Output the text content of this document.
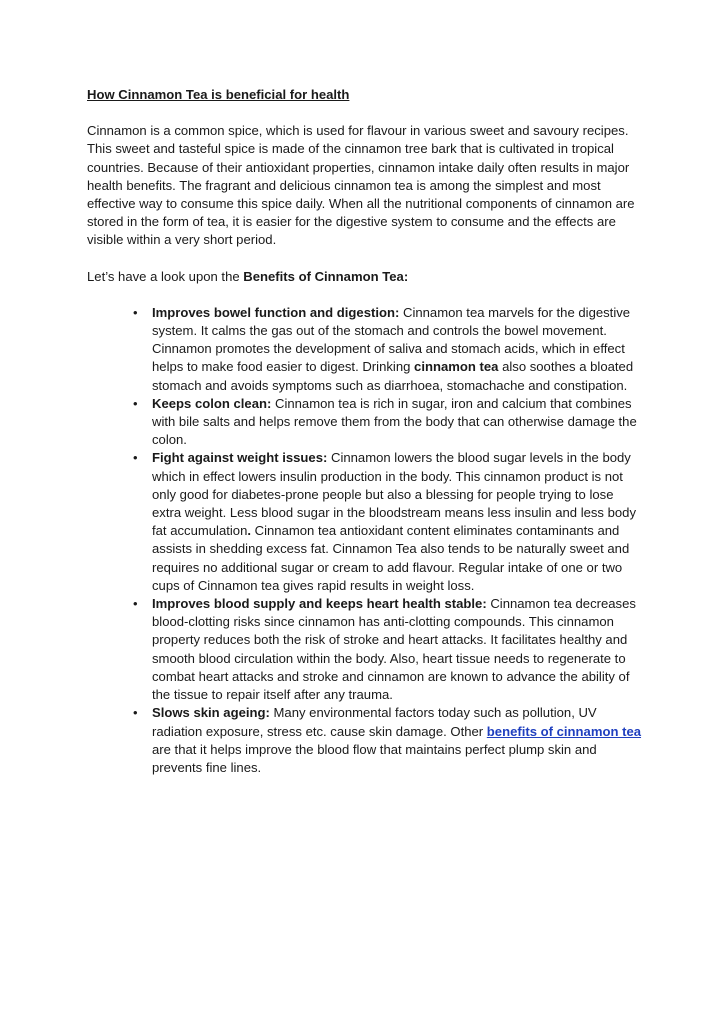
How Cinnamon Tea is beneficial for health
Cinnamon is a common spice, which is used for flavour in various sweet and savoury recipes. This sweet and tasteful spice is made of the cinnamon tree bark that is cultivated in tropical countries. Because of their antioxidant properties, cinnamon intake daily often results in major health benefits. The fragrant and delicious cinnamon tea is among the simplest and most effective way to consume this spice daily. When all the nutritional components of cinnamon are stored in the form of tea, it is easier for the digestive system to consume and the effects are visible within a very short period.
Let’s have a look upon the Benefits of Cinnamon Tea:
• Improves bowel function and digestion: Cinnamon tea marvels for the digestive system. It calms the gas out of the stomach and controls the bowel movement. Cinnamon promotes the development of saliva and stomach acids, which in effect helps to make food easier to digest. Drinking cinnamon tea also soothes a bloated stomach and avoids symptoms such as diarrhoea, stomachache and constipation.
• Keeps colon clean: Cinnamon tea is rich in sugar, iron and calcium that combines with bile salts and helps remove them from the body that can otherwise damage the colon.
• Fight against weight issues: Cinnamon lowers the blood sugar levels in the body which in effect lowers insulin production in the body. This cinnamon product is not only good for diabetes-prone people but also a blessing for people trying to lose extra weight. Less blood sugar in the bloodstream means less insulin and less body fat accumulation. Cinnamon tea antioxidant content eliminates contaminants and assists in shedding excess fat. Cinnamon Tea also tends to be naturally sweet and requires no additional sugar or cream to add flavour. Regular intake of one or two cups of Cinnamon tea gives rapid results in weight loss.
• Improves blood supply and keeps heart health stable: Cinnamon tea decreases blood-clotting risks since cinnamon has anti-clotting compounds. This cinnamon property reduces both the risk of stroke and heart attacks. It facilitates healthy and smooth blood circulation within the body. Also, heart tissue needs to regenerate to combat heart attacks and stroke and cinnamon are known to advance the ability of the tissue to repair itself after any trauma.
• Slows skin ageing: Many environmental factors today such as pollution, UV radiation exposure, stress etc. cause skin damage. Other benefits of cinnamon tea are that it helps improve the blood flow that maintains perfect plump skin and prevents fine lines.
